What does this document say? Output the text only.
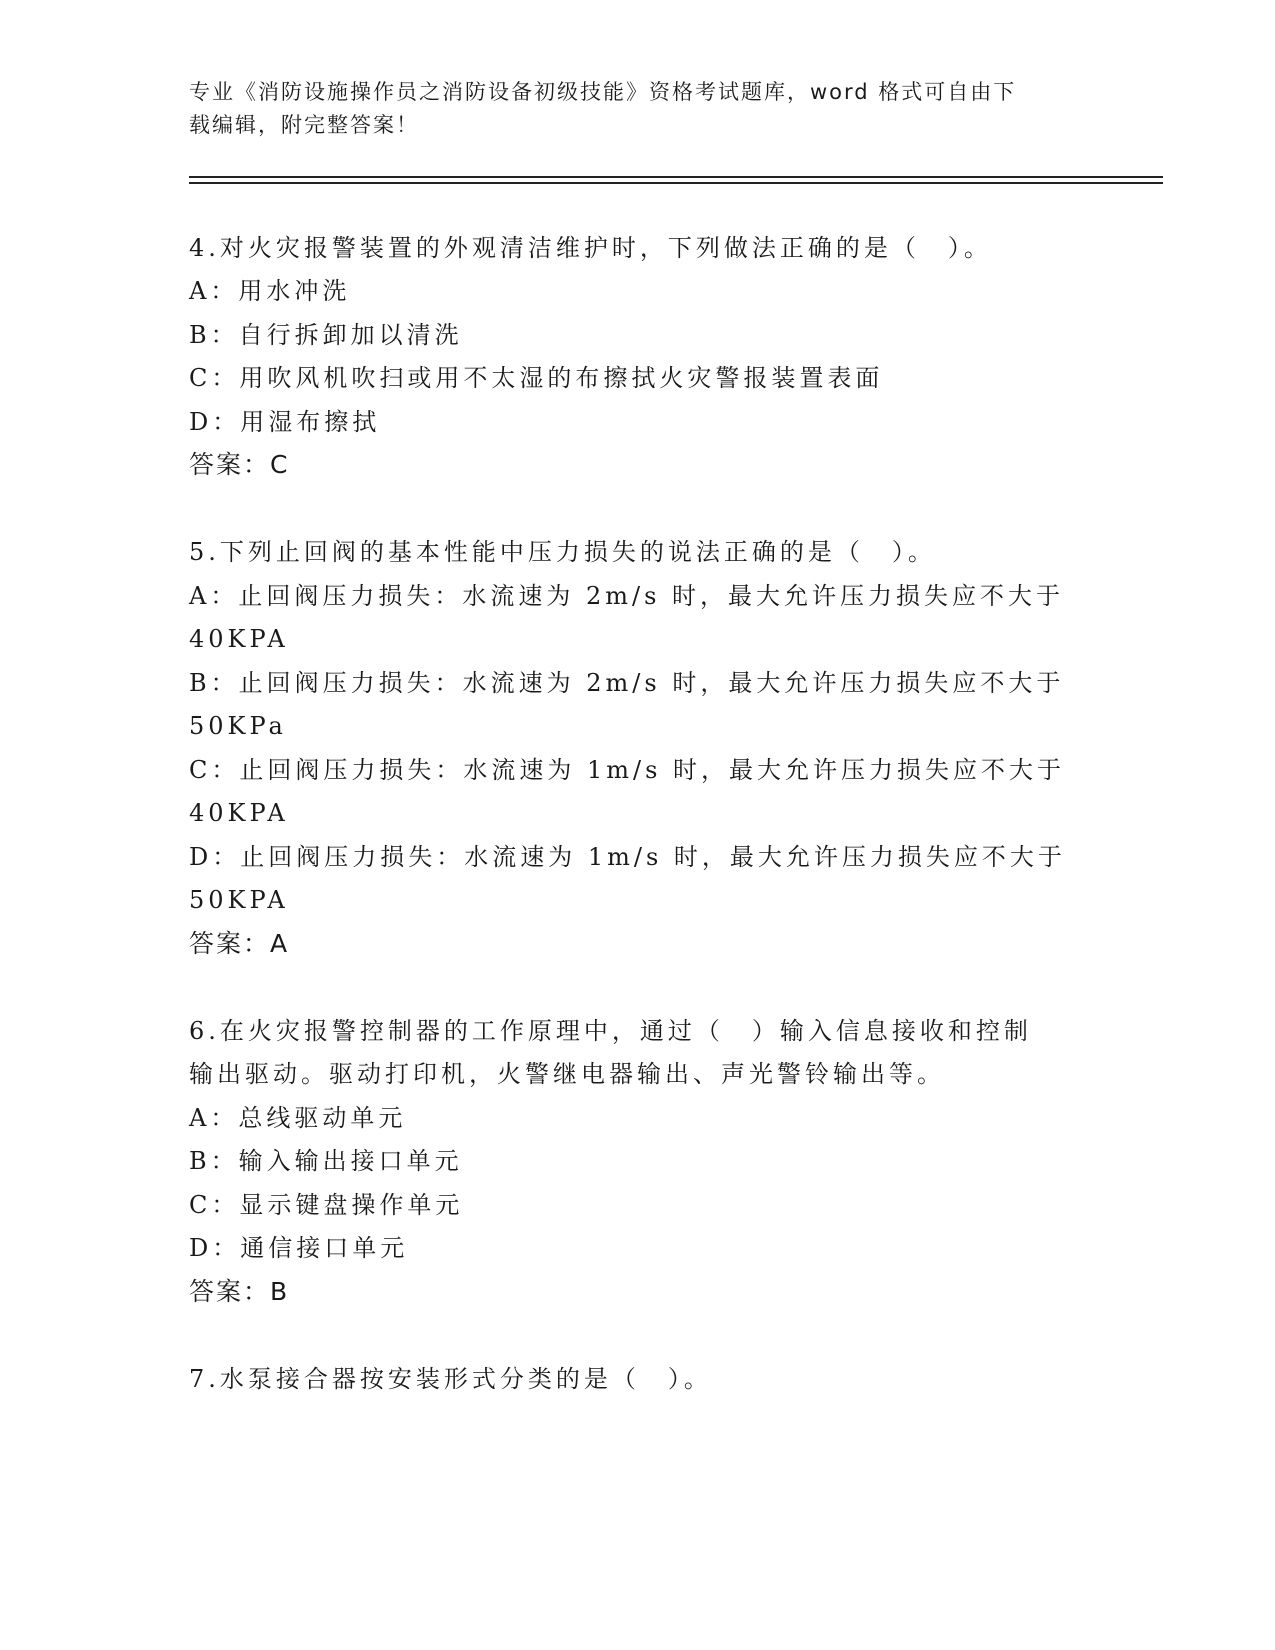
专业《消防设施操作员之消防设备初级技能》资格考试题库，word 格式可自由下
载编辑，附完整答案！
4.对火灾报警装置的外观清洁维护时，下列做法正确的是（　）。
A：用水冲洗
B：自行拆卸加以清洗
C：用吹风机吹扫或用不太湿的布擦拭火灾警报装置表面
D：用湿布擦拭
答案：C
5.下列止回阀的基本性能中压力损失的说法正确的是（　）。
A：止回阀压力损失：水流速为 2m/s 时，最大允许压力损失应不大于
40KPA
B：止回阀压力损失：水流速为 2m/s 时，最大允许压力损失应不大于
50KPa
C：止回阀压力损失：水流速为 1m/s 时，最大允许压力损失应不大于
40KPA
D：止回阀压力损失：水流速为 1m/s 时，最大允许压力损失应不大于
50KPA
答案：A
6.在火灾报警控制器的工作原理中，通过（　）输入信息接收和控制
输出驱动。驱动打印机，火警继电器输出、声光警铃输出等。
A：总线驱动单元
B：输入输出接口单元
C：显示键盘操作单元
D：通信接口单元
答案：B
7.水泵接合器按安装形式分类的是（　）。
